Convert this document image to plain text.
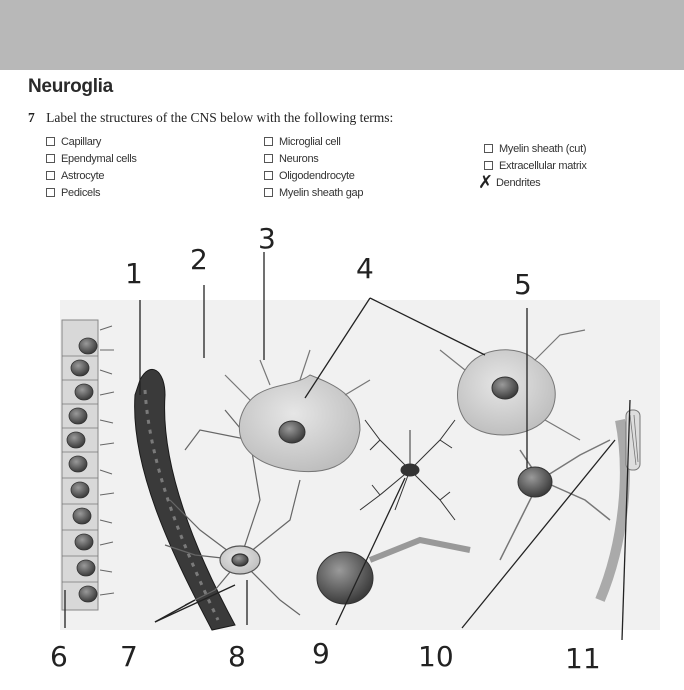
Neuroglia
7 Label the structures of the CNS below with the following terms:
Capillary
Ependymal cells
Astrocyte
Pedicels
Microglial cell
Neurons
Oligodendrocyte
Myelin sheath gap
Myelin sheath (cut)
Extracellular matrix
✗ Dendrites
1 2
3
4	5
6 7	8 9	10	11
